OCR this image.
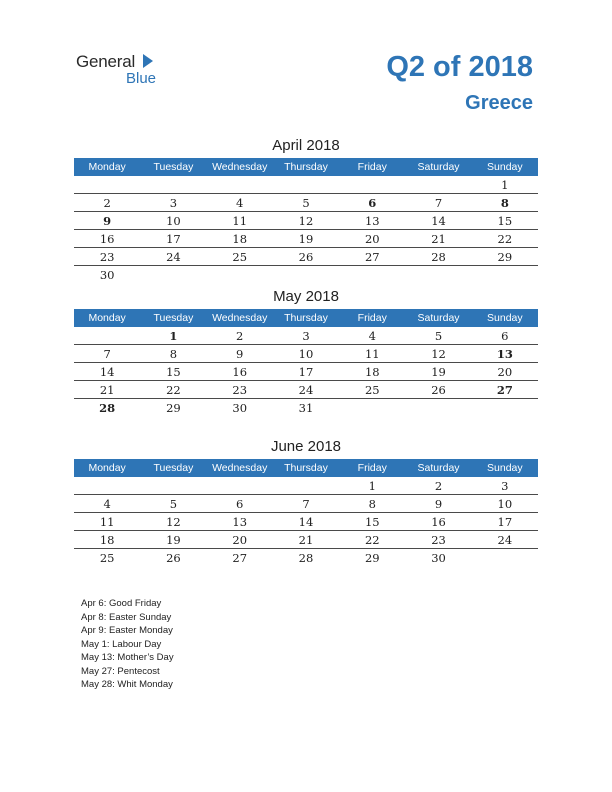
General
Blue	Q2 of 2018
Greece
April 2018
Monday	Tuesday	Wednesday	Thursday	Friday	Saturday	Sunday
						1
2	3	4	5	6	7	8
9	10	11	12	13	14	15
16	17	18	19	20	21	22
23	24	25	26	27	28	29
30						
May 2018
Monday	Tuesday	Wednesday	Thursday	Friday	Saturday	Sunday
	1	2	3	4	5	6
7	8	9	10	11	12	13
14	15	16	17	18	19	20
21	22	23	24	25	26	27
28	29	30	31			
June 2018
Monday	Tuesday	Wednesday	Thursday	Friday	Saturday	Sunday
				1	2	3
4	5	6	7	8	9	10
11	12	13	14	15	16	17
18	19	20	21	22	23	24
25	26	27	28	29	30	
Apr 6: Good Friday
Apr 8: Easter Sunday
Apr 9: Easter Monday
May 1: Labour Day
May 13: Mother’s Day
May 27: Pentecost
May 28: Whit Monday
